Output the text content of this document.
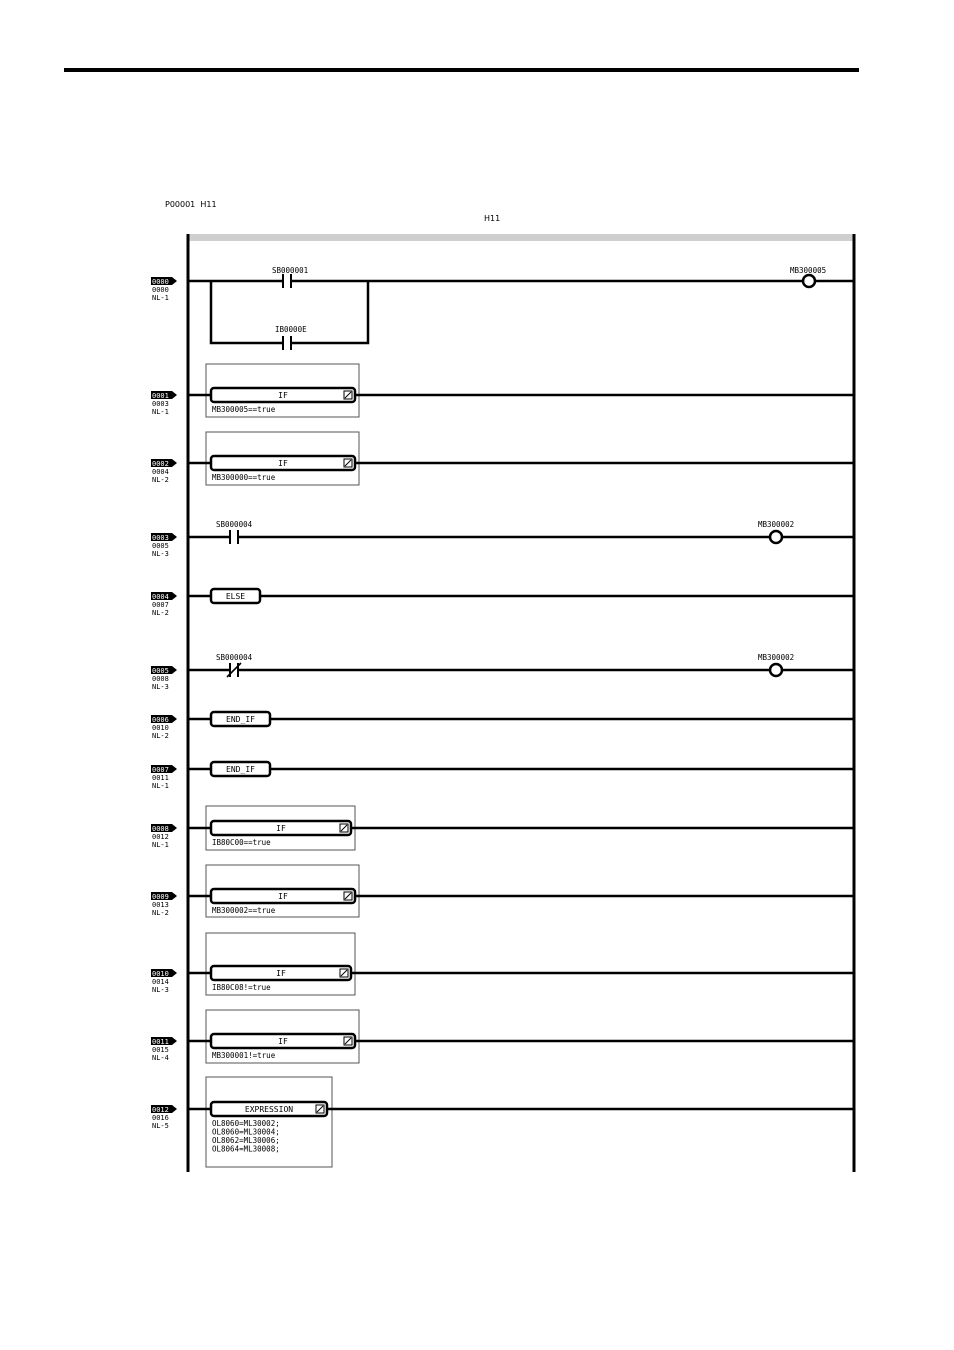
P00001 H11
H11
0000
0000
NL-1
SB000001
IB0000E
MB300005
0001
0003
NL-1
IF
MB300005==true
0002
0004
NL-2
IF
MB300000==true
0003
0005
NL-3
SB000004	MB300002
0004
0007
NL-2
ELSE
0005
0008
NL-3
SB000004	MB300002
0006
0010
NL-2
END_IF
0007
0011
NL-1
END_IF
0008
0012
NL-1
IF
IB80C00==true
0009
0013
NL-2
IF
MB300002==true
0010
0014
NL-3
IF
IB80C08!=true
0011
0015
NL-4
IF
MB300001!=true
0012
0016
NL-5
EXPRESSION
OL8060=ML30002;
OL8060=ML30004;
OL8062=ML30006;
OL8064=ML30008;
